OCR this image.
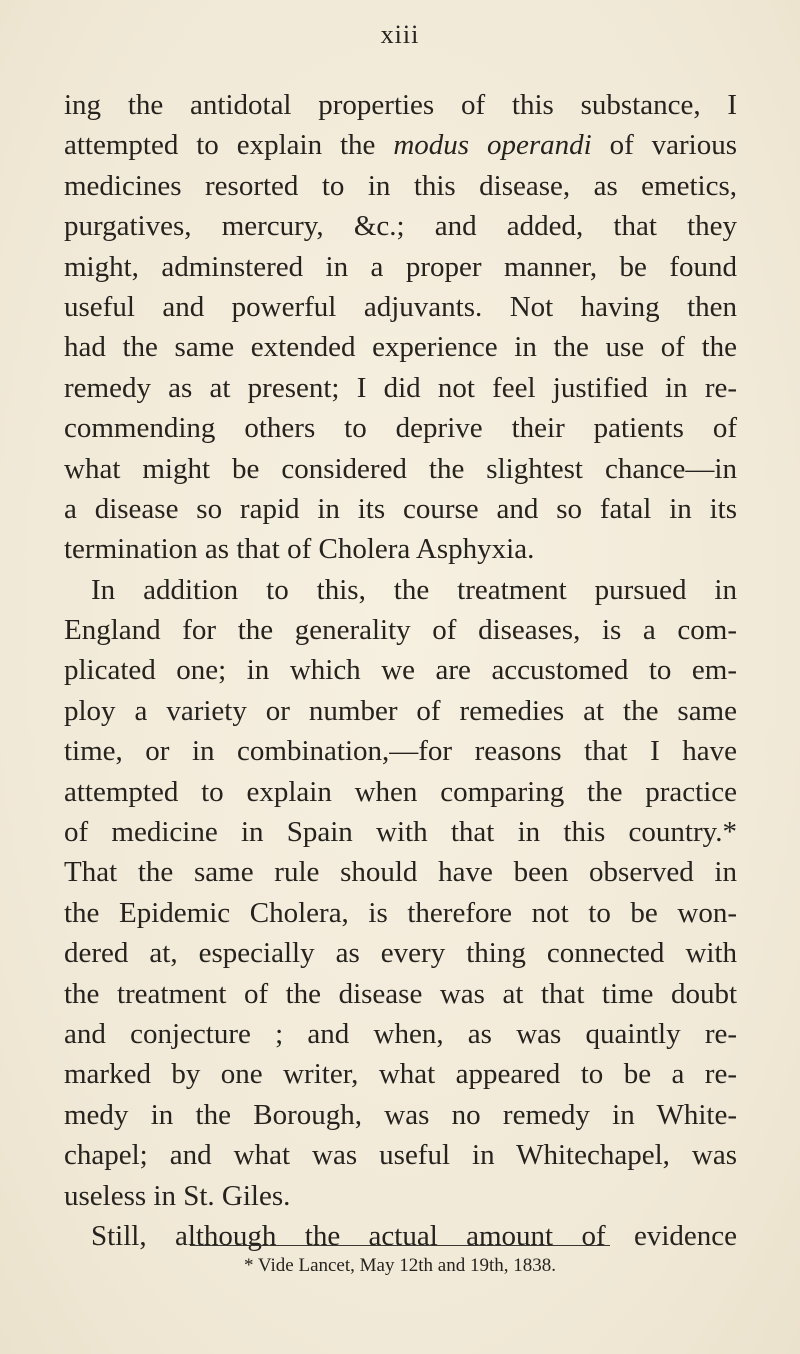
xiii
ing the antidotal properties of this substance, I
attempted to explain the modus operandi of various
medicines resorted to in this disease, as emetics,
purgatives, mercury, &c.; and added, that they
might, adminstered in a proper manner, be found
useful and powerful adjuvants. Not having then
had the same extended experience in the use of the
remedy as at present; I did not feel justified in re-
commending others to deprive their patients of
what might be considered the slightest chance—in
a disease so rapid in its course and so fatal in its
termination as that of Cholera Asphyxia.
In addition to this, the treatment pursued in
England for the generality of diseases, is a com-
plicated one; in which we are accustomed to em-
ploy a variety or number of remedies at the same
time, or in combination,—for reasons that I have
attempted to explain when comparing the practice
of medicine in Spain with that in this country.*
That the same rule should have been observed in
the Epidemic Cholera, is therefore not to be won-
dered at, especially as every thing connected with
the treatment of the disease was at that time doubt
and conjecture ; and when, as was quaintly re-
marked by one writer, what appeared to be a re-
medy in the Borough, was no remedy in White-
chapel; and what was useful in Whitechapel, was
useless in St. Giles.
Still, although the actual amount of evidence
* Vide Lancet, May 12th and 19th, 1838.
